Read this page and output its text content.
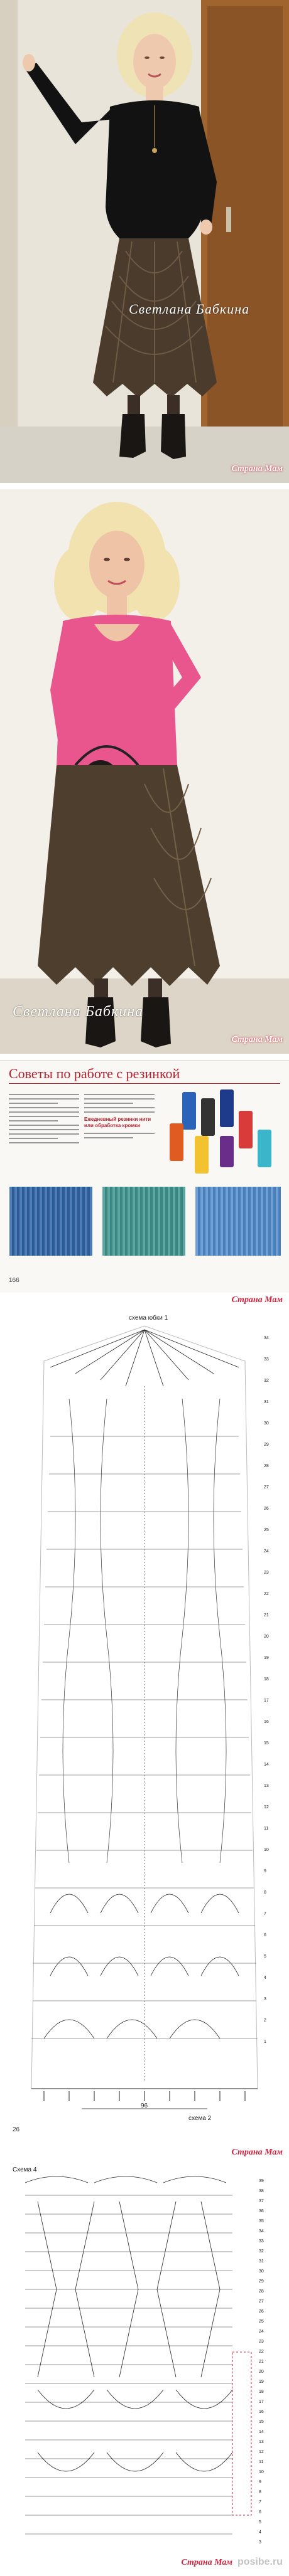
Светлана Бабкина
Страна Мам
Светлана Бабкина
Страна Мам
Советы по работе с резинкой
Ежедневный резинки нити или обработка кромки
166
Страна Мам
схема юбки 1
34
33
32
31
30
29
28
27
26
25
24
23
22
21
20
19
18
17
16
15
14
13
12
11
10
9
8
7
6
5
4
3
2
1
96
схема 2
26
Страна Мам
Схема 4
39
38
37
36
35
34
33
32
31
30
29
28
27
26
25
24
23
22
21
20
19
18
17
16
15
14
13
12
11
10
9
8
7
6
5
4
3
Страна Мам posibe.ru
